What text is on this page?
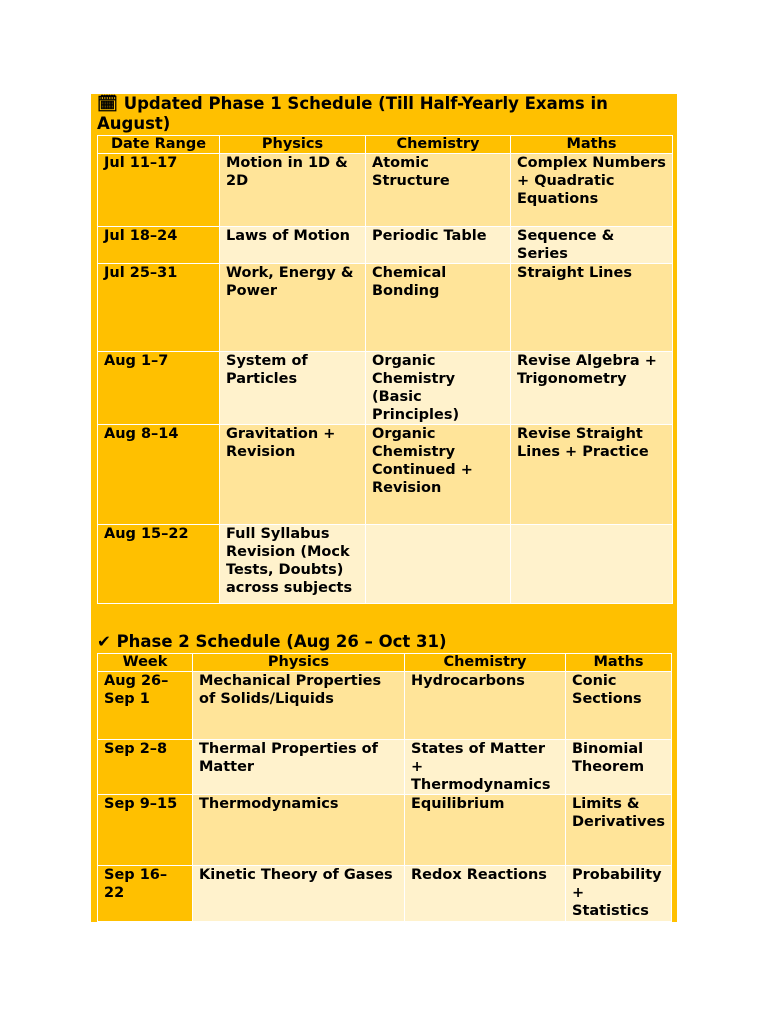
🗓 Updated Phase 1 Schedule (Till Half-Yearly Exams in August)
Date Range	Physics	Chemistry	Maths
Jul 11–17	Motion in 1D & 2D	Atomic Structure	Complex Numbers + Quadratic Equations
Jul 18–24	Laws of Motion	Periodic Table	Sequence & Series
Jul 25–31	Work, Energy & Power	Chemical Bonding	Straight Lines
Aug 1–7	System of Particles	Organic Chemistry (Basic Principles)	Revise Algebra + Trigonometry
Aug 8–14	Gravitation + Revision	Organic Chemistry Continued + Revision	Revise Straight Lines + Practice
Aug 15–22	Full Syllabus Revision (Mock Tests, Doubts) across subjects		
✔ Phase 2 Schedule (Aug 26 – Oct 31)
Week	Physics	Chemistry	Maths
Aug 26–Sep 1	Mechanical Properties of Solids/Liquids	Hydrocarbons	Conic Sections
Sep 2–8	Thermal Properties of Matter	States of Matter + Thermodynamics	Binomial Theorem
Sep 9–15	Thermodynamics	Equilibrium	Limits & Derivatives
Sep 16–22	Kinetic Theory of Gases	Redox Reactions	Probability + Statistics
